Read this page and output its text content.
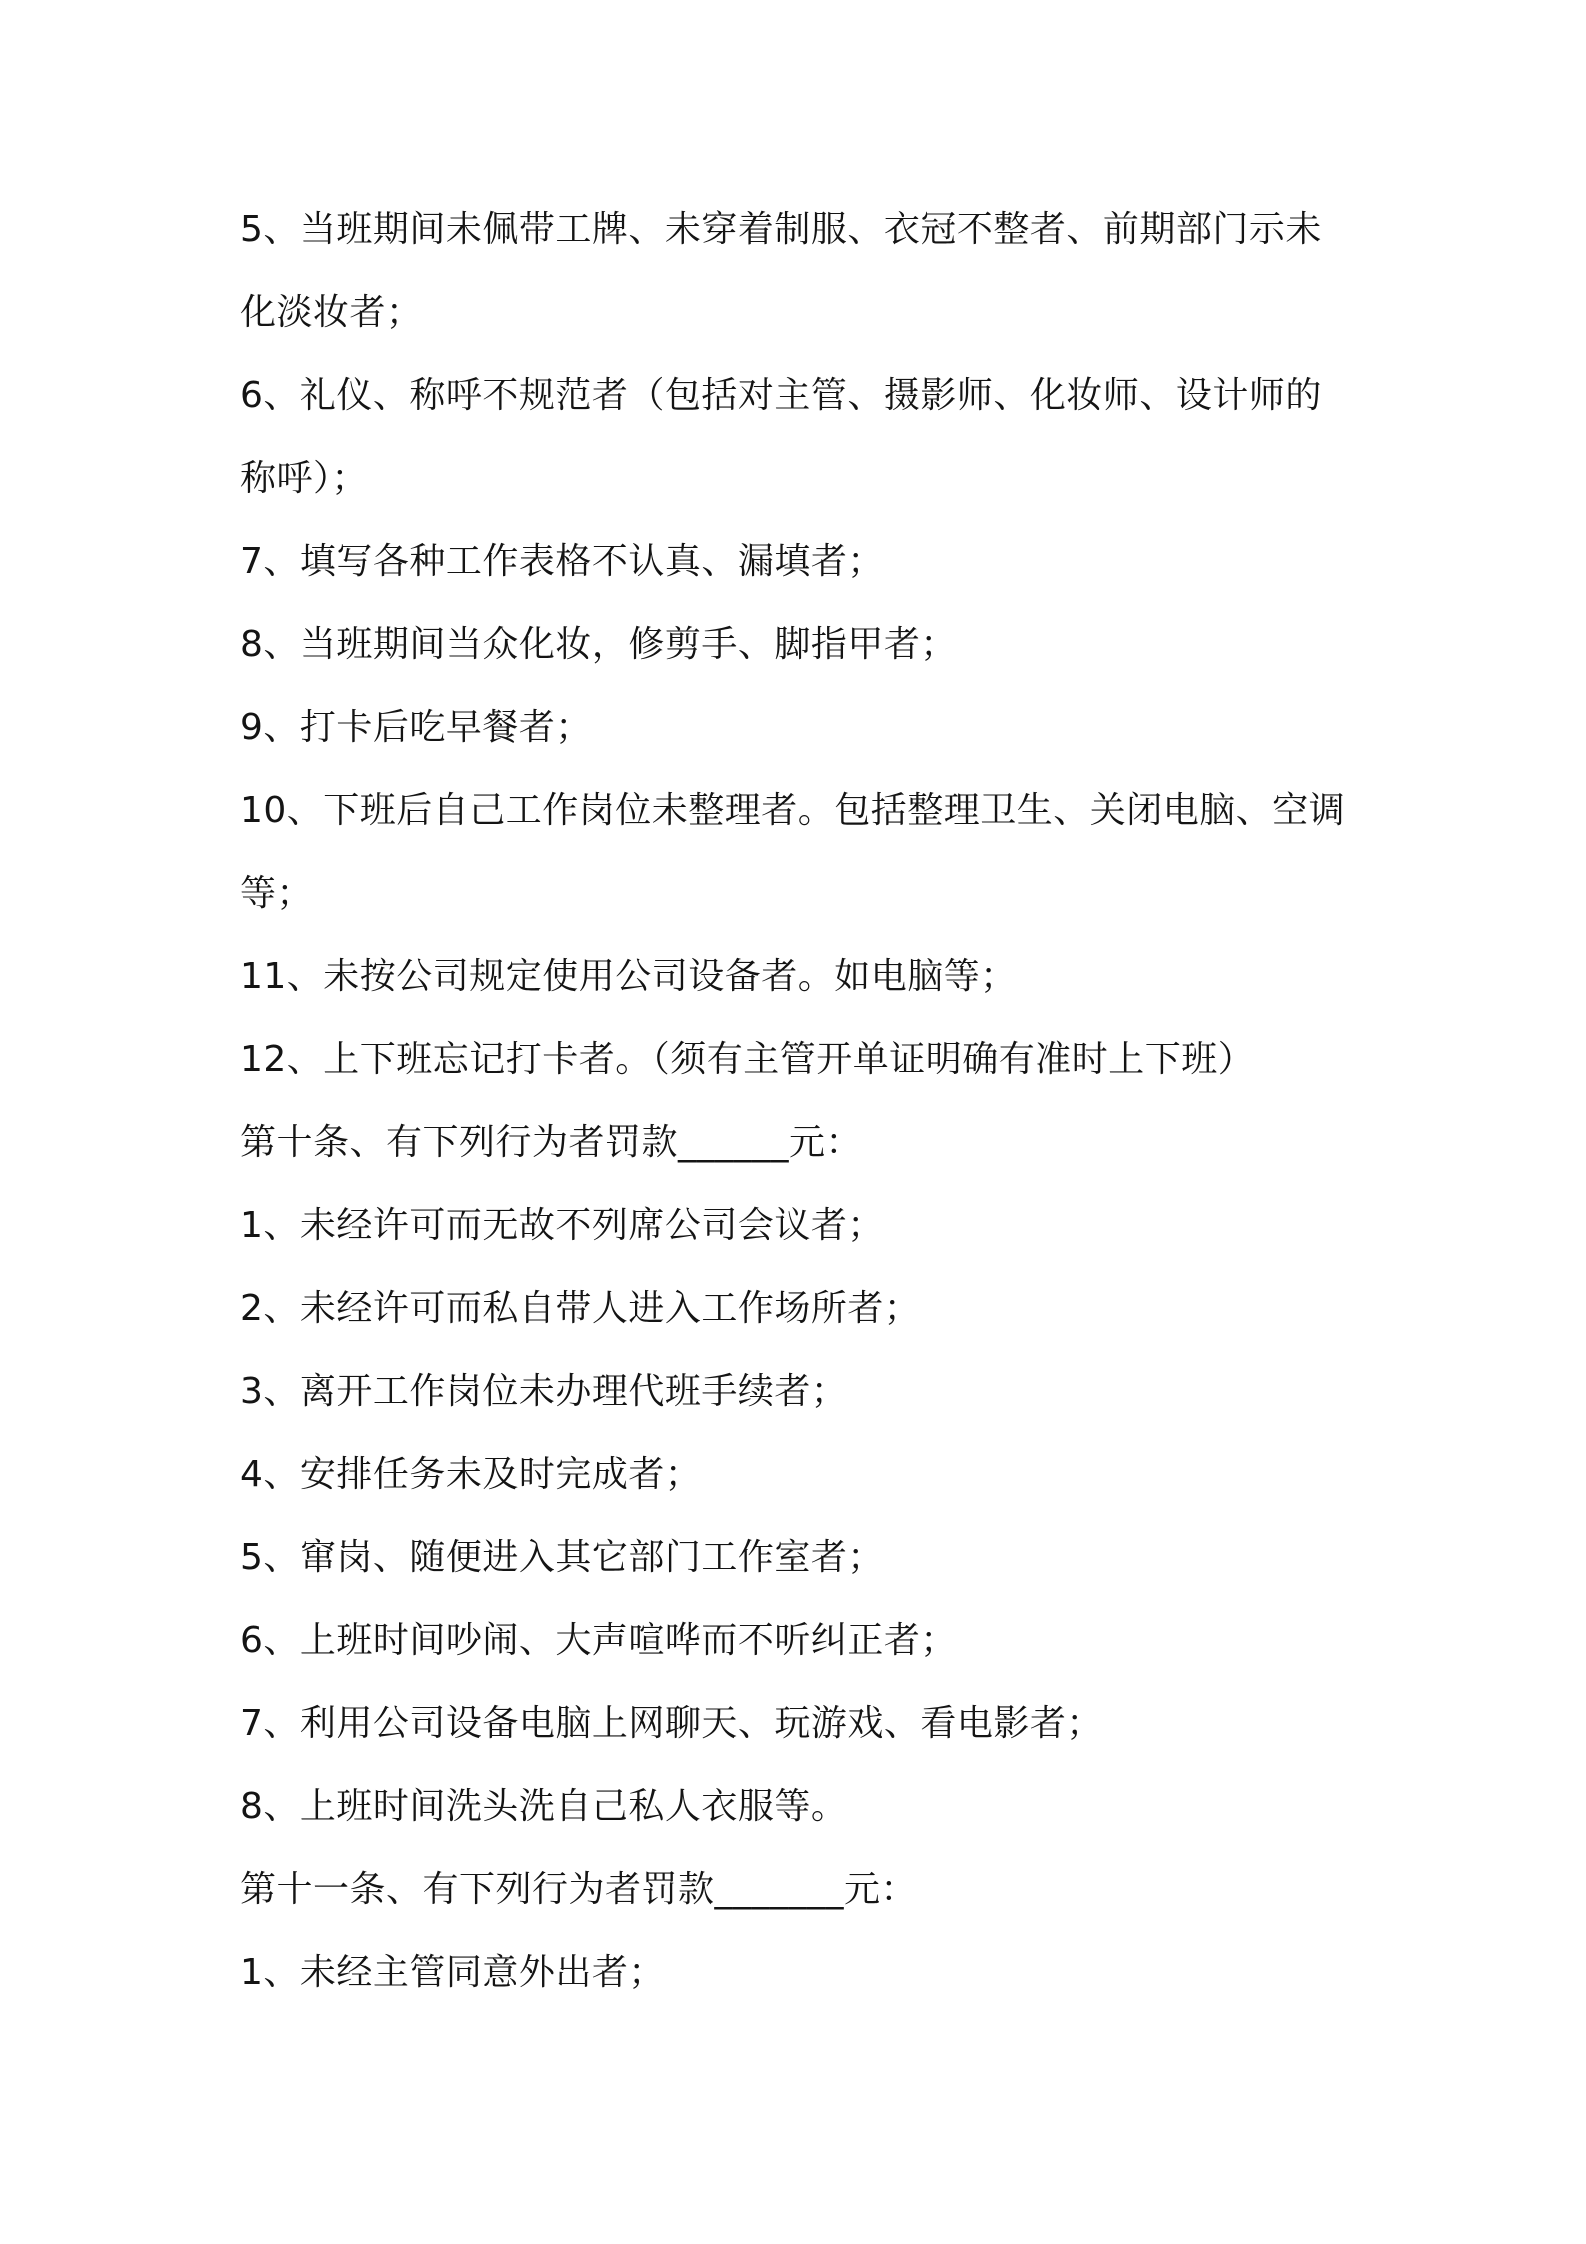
5、当班期间未佩带工牌、未穿着制服、衣冠不整者、前期部门示未
化淡妆者；
6、礼仪、称呼不规范者（包括对主管、摄影师、化妆师、设计师的
称呼）；
7、填写各种工作表格不认真、漏填者；
8、当班期间当众化妆，修剪手、脚指甲者；
9、打卡后吃早餐者；
10、下班后自己工作岗位未整理者。包括整理卫生、关闭电脑、空调
等；
11、未按公司规定使用公司设备者。如电脑等；
12、上下班忘记打卡者。（须有主管开单证明确有准时上下班）
第十条、有下列行为者罚款______元：
1、未经许可而无故不列席公司会议者；
2、未经许可而私自带人进入工作场所者；
3、离开工作岗位未办理代班手续者；
4、安排任务未及时完成者；
5、窜岗、随便进入其它部门工作室者；
6、上班时间吵闹、大声喧哗而不听纠正者；
7、利用公司设备电脑上网聊天、玩游戏、看电影者；
8、上班时间洗头洗自己私人衣服等。
第十一条、有下列行为者罚款_______元：
1、未经主管同意外出者；
